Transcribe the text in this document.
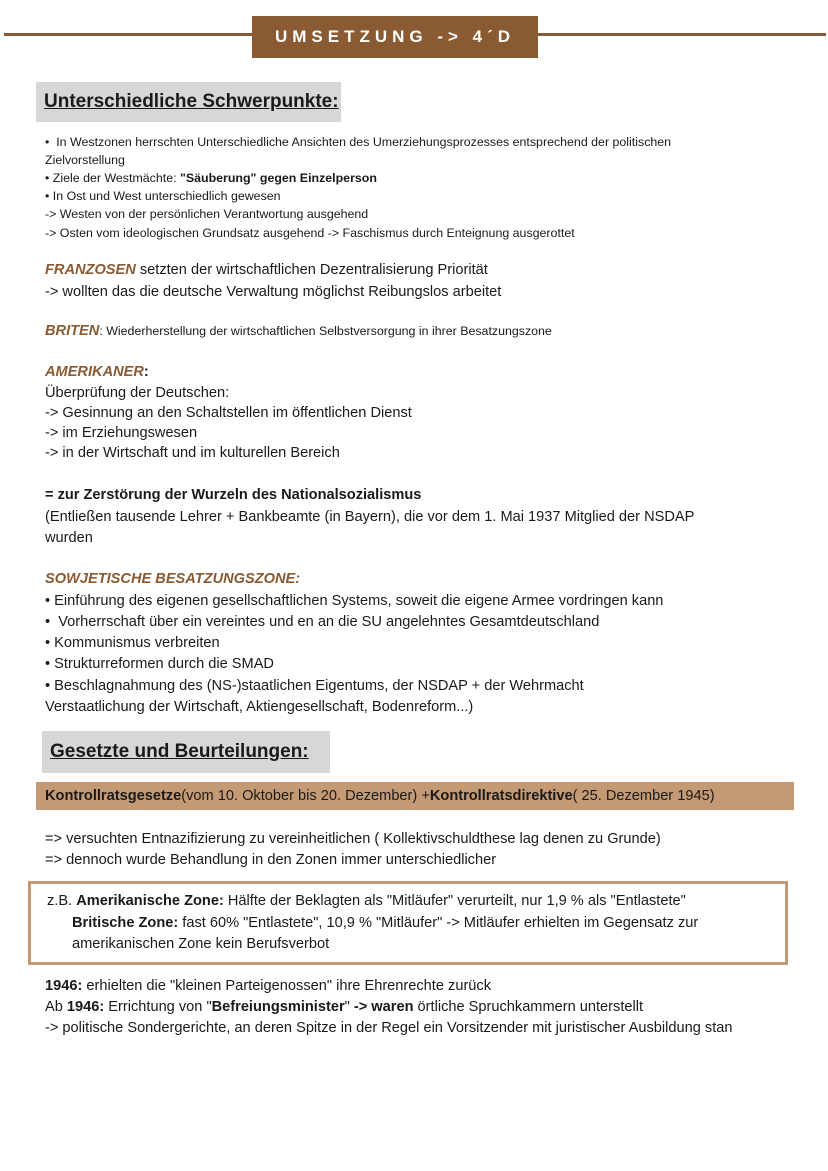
UMSETZUNG -> 4´D
Unterschiedliche Schwerpunkte:
• In Westzonen herrschten Unterschiedliche Ansichten des Umerziehungsprozesses entsprechend der politischen
Zielvorstellung
• Ziele der Westmächte: "Säuberung" gegen Einzelperson
• In Ost und West unterschiedlich gewesen
-> Westen von der persönlichen Verantwortung ausgehend
-> Osten vom ideologischen Grundsatz ausgehend -> Faschismus durch Enteignung ausgerottet
FRANZOSEN setzten der wirtschaftlichen Dezentralisierung Priorität
-> wollten das die deutsche Verwaltung möglichst Reibungslos arbeitet
BRITEN: Wiederherstellung der wirtschaftlichen Selbstversorgung in ihrer Besatzungszone
AMERIKANER:
Überprüfung der Deutschen:
-> Gesinnung an den Schaltstellen im öffentlichen Dienst
-> im Erziehungswesen
-> in der Wirtschaft und im kulturellen Bereich
= zur Zerstörung der Wurzeln des Nationalsozialismus
(Entließen tausende Lehrer + Bankbeamte (in Bayern), die vor dem 1. Mai 1937 Mitglied der NSDAP
wurden
SOWJETISCHE BESATZUNGSZONE:
• Einführung des eigenen gesellschaftlichen Systems, soweit die eigene Armee vordringen kann
• Vorherrschaft über ein vereintes und en an die SU angelehntes Gesamtdeutschland
• Kommunismus verbreiten
• Strukturreformen durch die SMAD
• Beschlagnahmung des (NS-)staatlichen Eigentums, der NSDAP + der Wehrmacht
Verstaatlichung der Wirtschaft, Aktiengesellschaft, Bodenreform...)
Gesetzte und Beurteilungen:
Kontrollratsgesetze (vom 10. Oktober bis 20. Dezember) + Kontrollratsdirektive ( 25. Dezember 1945)
=> versuchten Entnazifizierung zu vereinheitlichen ( Kollektivschuldthese lag denen zu Grunde)
=> dennoch wurde Behandlung in den Zonen immer unterschiedlicher
z.B. Amerikanische Zone: Hälfte der Beklagten als "Mitläufer" verurteilt, nur 1,9 % als "Entlastete"
Britische Zone: fast 60% "Entlastete", 10,9 % "Mitläufer" -> Mitläufer erhielten im Gegensatz zur
amerikanischen Zone kein Berufsverbot
1946: erhielten die "kleinen Parteigenossen" ihre Ehrenrechte zurück
Ab 1946: Errichtung von "Befreiungsminister" -> waren örtliche Spruchkammern unterstellt
-> politische Sondergerichte, an deren Spitze in der Regel ein Vorsitzender mit juristischer Ausbildung stan
